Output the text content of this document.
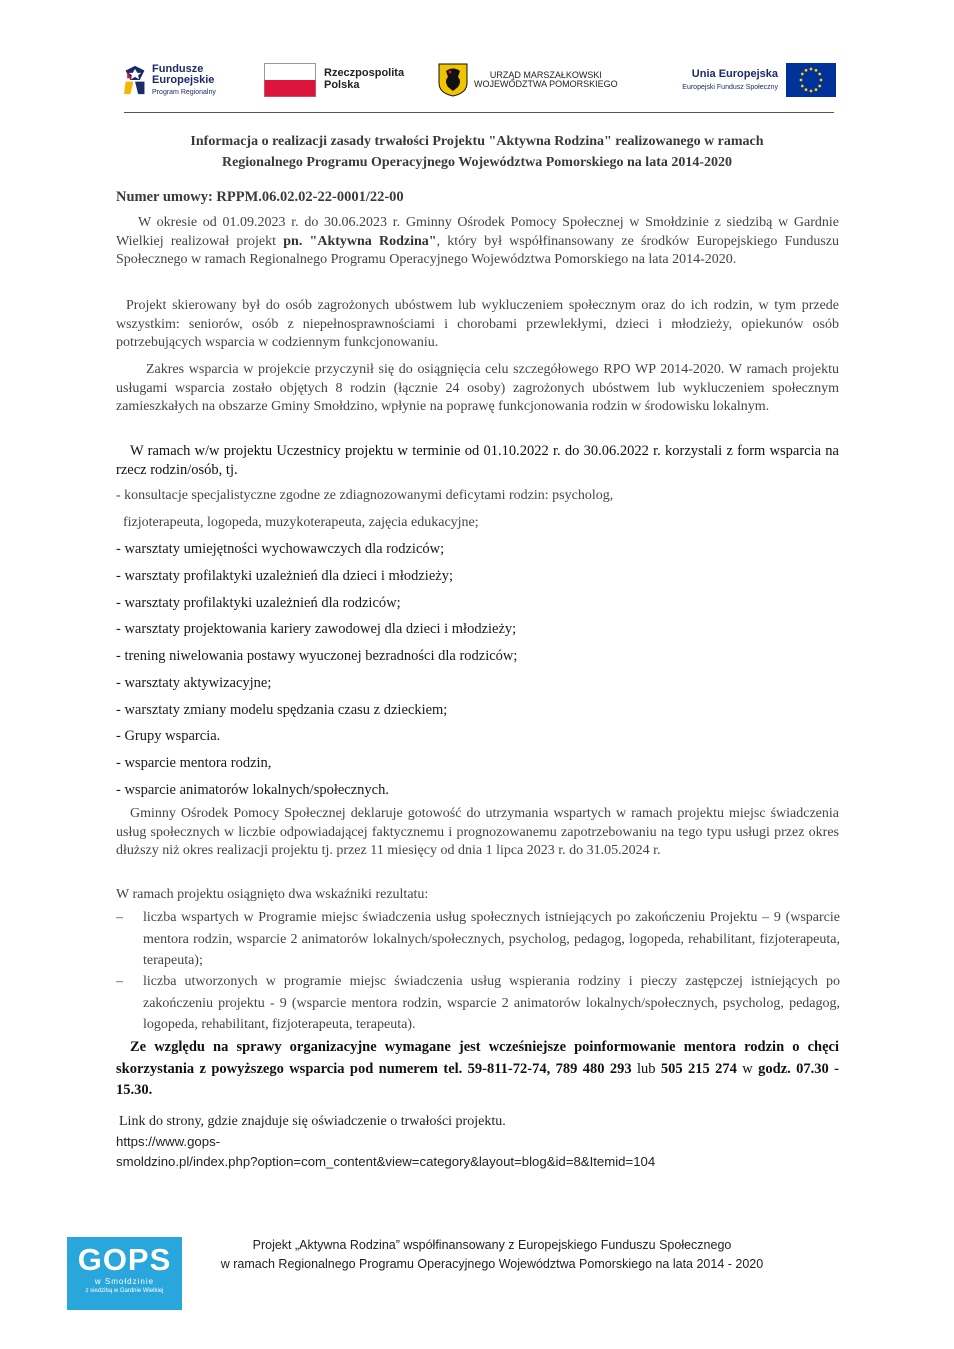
Fundusze Europejskie
Program Regionalny
Rzeczpospolita Polska
URZĄD MARSZAŁKOWSKI
WOJEWÓDZTWA POMORSKIEGO
Unia Europejska
Europejski Fundusz Społeczny
Informacja o realizacji zasady trwałości Projektu "Aktywna Rodzina" realizowanego w ramach
Regionalnego Programu Operacyjnego Województwa Pomorskiego na lata 2014-2020
Numer umowy: RPPM.06.02.02-22-0001/22-00
W okresie od 01.09.2023 r. do 30.06.2023 r. Gminny Ośrodek Pomocy Społecznej w Smołdzinie z siedzibą w Gardnie Wielkiej realizował projekt pn. "Aktywna Rodzina", który był współfinansowany ze środków Europejskiego Funduszu Społecznego w ramach Regionalnego Programu Operacyjnego Województwa Pomorskiego na lata 2014-2020.
Projekt skierowany był do osób zagrożonych ubóstwem lub wykluczeniem społecznym oraz do ich rodzin, w tym przede wszystkim: seniorów, osób z niepełnosprawnościami i chorobami przewlekłymi, dzieci i młodzieży, opiekunów osób potrzebujących wsparcia w codziennym funkcjonowaniu.
Zakres wsparcia w projekcie przyczynił się do osiągnięcia celu szczegółowego RPO WP 2014-2020. W ramach projektu usługami wsparcia zostało objętych 8 rodzin (łącznie 24 osoby) zagrożonych ubóstwem lub wykluczeniem społecznym zamieszkałych na obszarze Gminy Smołdzino, wpłynie na poprawę funkcjonowania rodzin w środowisku lokalnym.
W ramach w/w projektu Uczestnicy projektu w terminie od 01.10.2022 r. do 30.06.2022 r. korzystali z form wsparcia na rzecz rodzin/osób, tj.
- konsultacje specjalistyczne zgodne ze zdiagnozowanymi deficytami rodzin: psycholog,
fizjoterapeuta, logopeda, muzykoterapeuta, zajęcia edukacyjne;
- warsztaty umiejętności wychowawczych dla rodziców;
- warsztaty profilaktyki uzależnień dla dzieci i młodzieży;
- warsztaty profilaktyki uzależnień dla rodziców;
- warsztaty projektowania kariery zawodowej dla dzieci i młodzieży;
- trening niwelowania postawy wyuczonej bezradności dla rodziców;
- warsztaty aktywizacyjne;
- warsztaty zmiany modelu spędzania czasu z dzieckiem;
- Grupy wsparcia.
- wsparcie mentora rodzin,
- wsparcie animatorów lokalnych/społecznych.
Gminny Ośrodek Pomocy Społecznej deklaruje gotowość do utrzymania wspartych w ramach projektu miejsc świadczenia usług społecznych w liczbie odpowiadającej faktycznemu i prognozowanemu zapotrzebowaniu na tego typu usługi przez okres dłuższy niż okres realizacji projektu tj. przez 11 miesięcy od dnia 1 lipca 2023 r. do 31.05.2024 r.
W ramach projektu osiągnięto dwa wskaźniki rezultatu:
– liczba wspartych w Programie miejsc świadczenia usług społecznych istniejących po zakończeniu Projektu – 9 (wsparcie mentora rodzin, wsparcie 2 animatorów lokalnych/społecznych, psycholog, pedagog, logopeda, rehabilitant, fizjoterapeuta, terapeuta);
– liczba utworzonych w programie miejsc świadczenia usług wspierania rodziny i pieczy zastępczej istniejących po zakończeniu projektu - 9 (wsparcie mentora rodzin, wsparcie 2 animatorów lokalnych/społecznych, psycholog, pedagog, logopeda, rehabilitant, fizjoterapeuta, terapeuta).
Ze względu na sprawy organizacyjne wymagane jest wcześniejsze poinformowanie mentora rodzin o chęci skorzystania z powyższego wsparcia pod numerem tel. 59-811-72-74, 789 480 293 lub 505 215 274 w godz. 07.30 - 15.30.
Link do strony, gdzie znajduje się oświadczenie o trwałości projektu.
https://www.gops-
smoldzino.pl/index.php?option=com_content&view=category&layout=blog&id=8&Itemid=104
GOPS
w Smołdzinie
z siedzibą w Gardnie Wielkiej
Projekt „Aktywna Rodzina” współfinansowany z Europejskiego Funduszu Społecznego
w ramach Regionalnego Programu Operacyjnego Województwa Pomorskiego na lata 2014 - 2020
